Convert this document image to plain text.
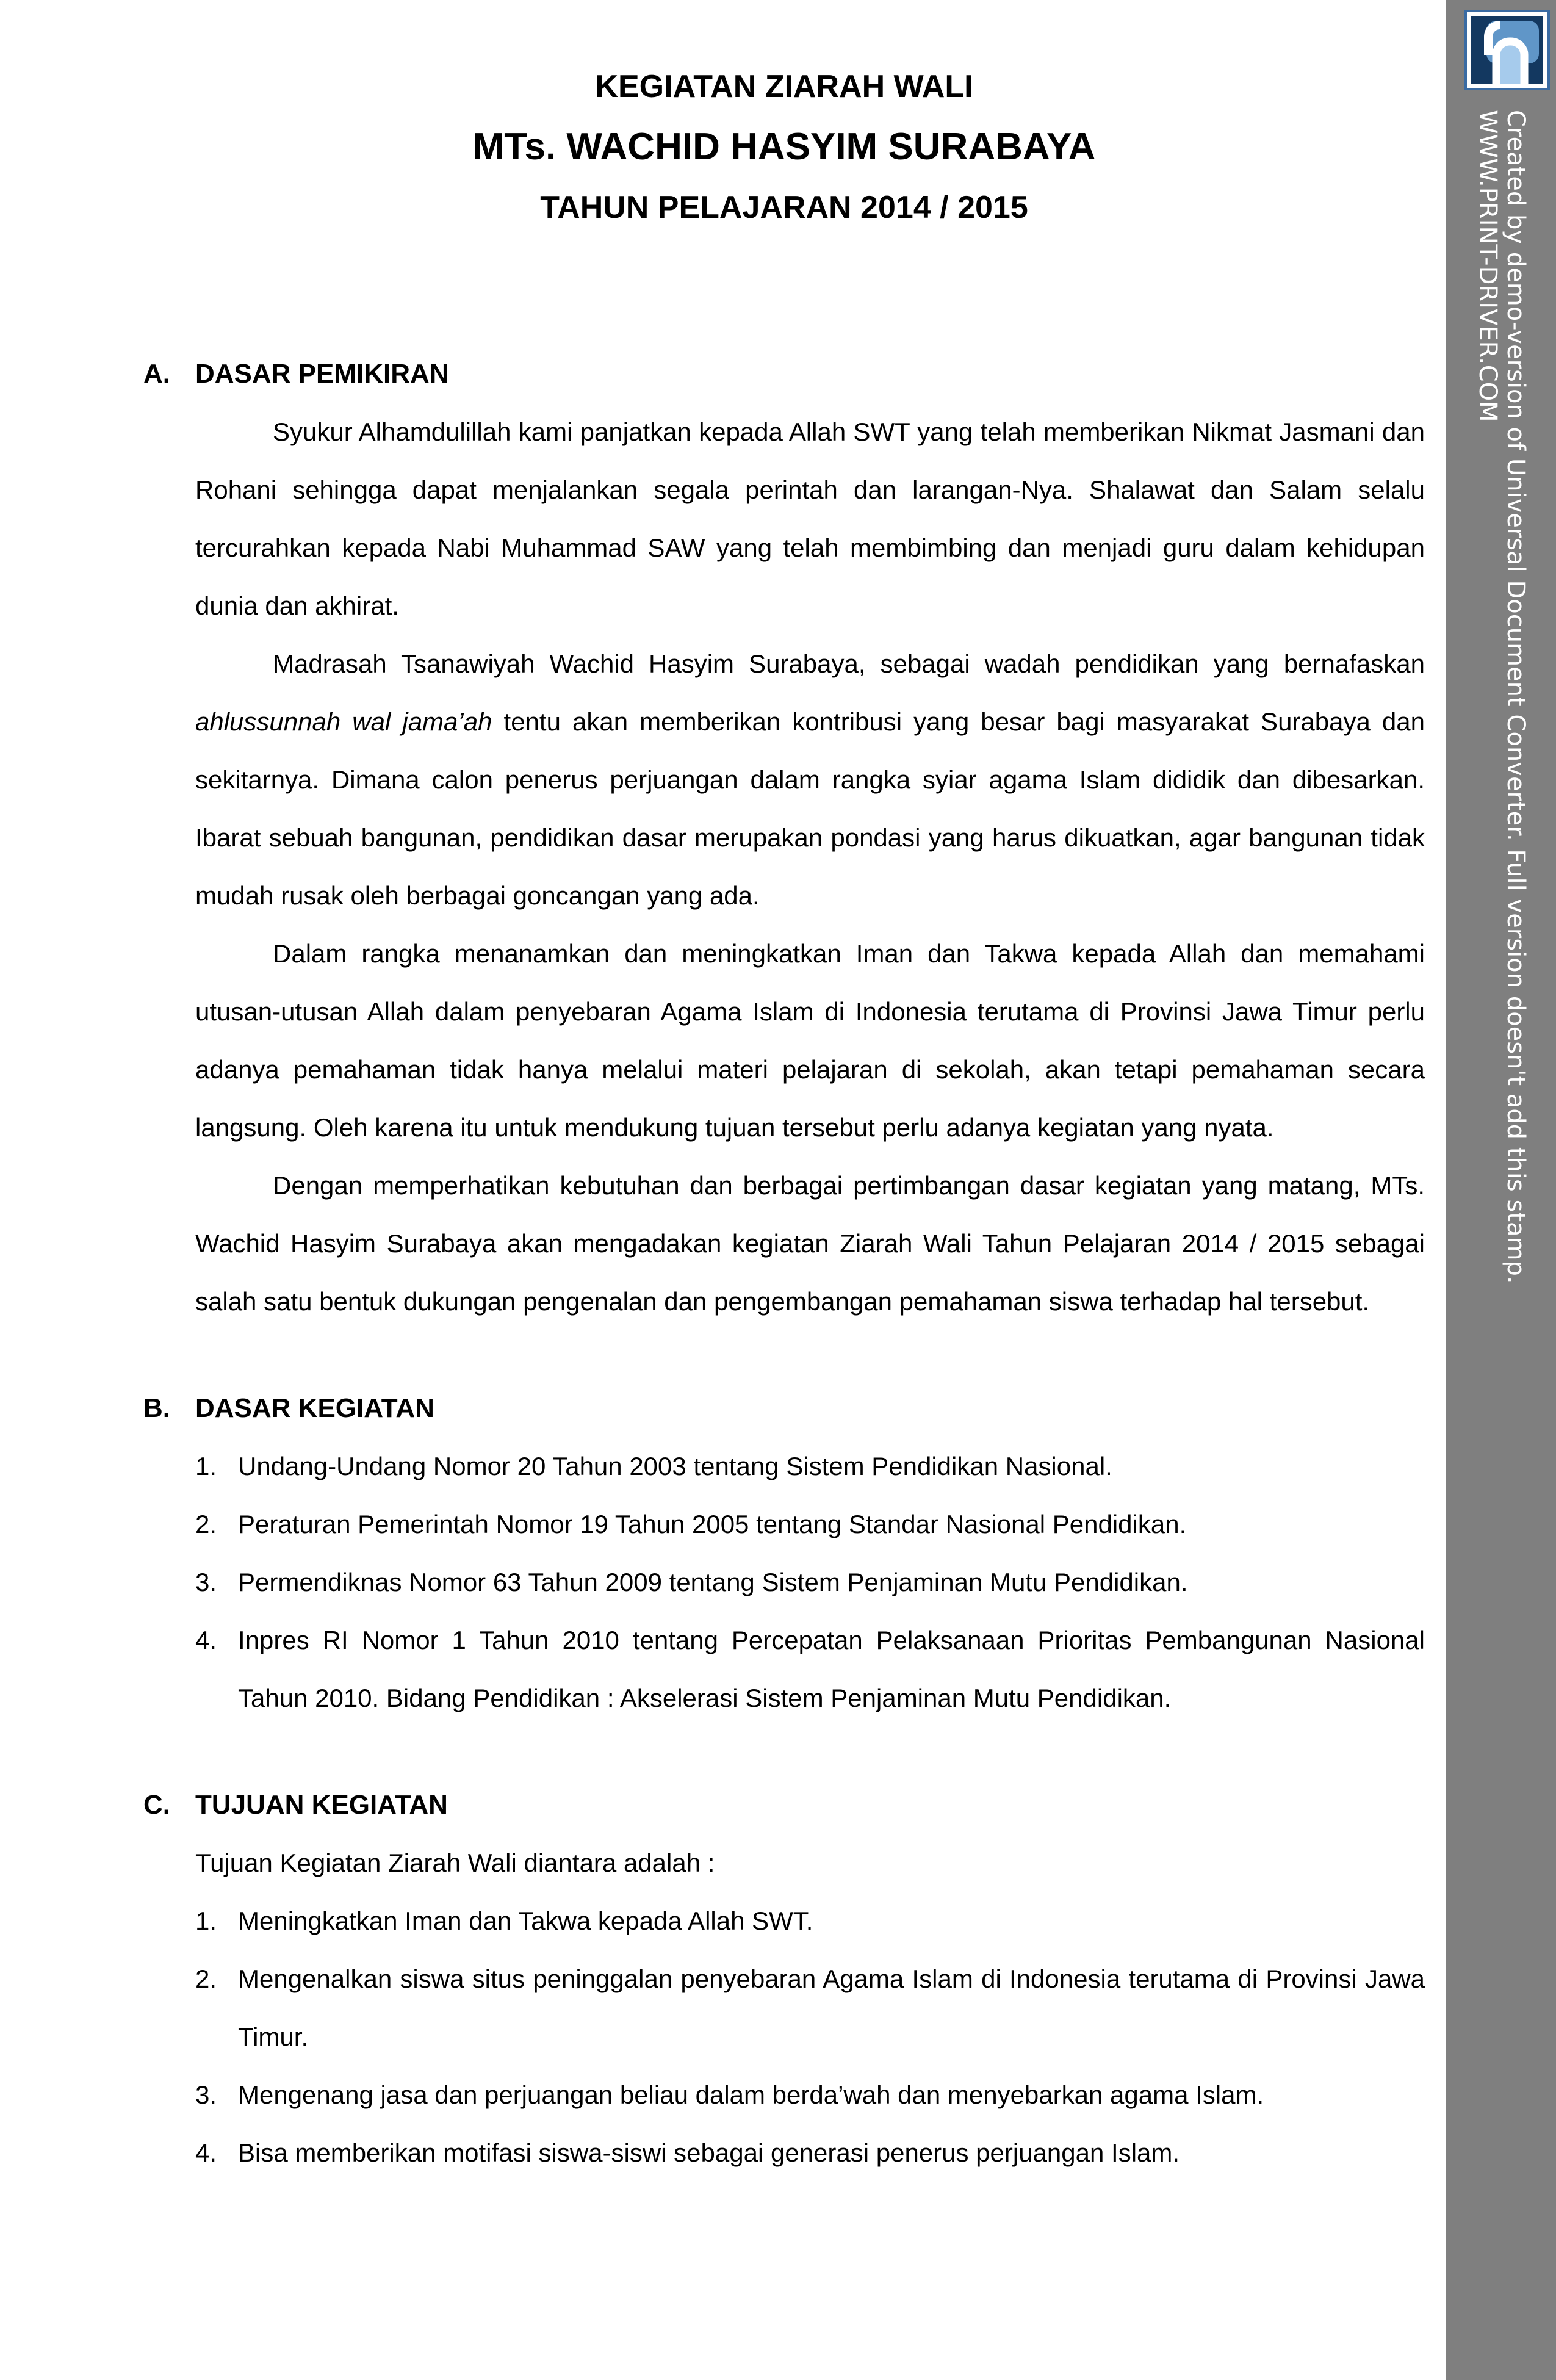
KEGIATAN ZIARAH WALI
MTs. WACHID HASYIM SURABAYA
TAHUN PELAJARAN 2014 / 2015
A. DASAR PEMIKIRAN

Syukur Alhamdulillah kami panjatkan kepada Allah SWT yang telah memberikan Nikmat Jasmani dan Rohani sehingga dapat menjalankan segala perintah dan larangan-Nya. Shalawat dan Salam selalu tercurahkan kepada Nabi Muhammad SAW yang telah membimbing dan menjadi guru dalam kehidupan dunia dan akhirat.

Madrasah Tsanawiyah Wachid Hasyim Surabaya, sebagai wadah pendidikan yang bernafaskan ahlussunnah wal jama’ah tentu akan memberikan kontribusi yang besar bagi masyarakat Surabaya dan sekitarnya. Dimana calon penerus perjuangan dalam rangka syiar agama Islam dididik dan dibesarkan. Ibarat sebuah bangunan, pendidikan dasar merupakan pondasi yang harus dikuatkan, agar bangunan tidak mudah rusak oleh berbagai goncangan yang ada.

Dalam rangka menanamkan dan meningkatkan Iman dan Takwa kepada Allah dan memahami utusan-utusan Allah dalam penyebaran Agama Islam di Indonesia terutama di Provinsi Jawa Timur perlu adanya pemahaman tidak hanya melalui materi pelajaran di sekolah, akan tetapi pemahaman secara langsung. Oleh karena itu untuk mendukung tujuan tersebut perlu adanya kegiatan yang nyata.

Dengan memperhatikan kebutuhan dan berbagai pertimbangan dasar kegiatan yang matang, MTs. Wachid Hasyim Surabaya akan mengadakan kegiatan Ziarah Wali Tahun Pelajaran 2014 / 2015 sebagai salah satu bentuk dukungan pengenalan dan pengembangan pemahaman siswa terhadap hal tersebut.

B. DASAR KEGIATAN
1. Undang-Undang Nomor 20 Tahun 2003 tentang Sistem Pendidikan Nasional.
2. Peraturan Pemerintah Nomor 19 Tahun 2005 tentang Standar Nasional Pendidikan.
3. Permendiknas Nomor 63 Tahun 2009 tentang Sistem Penjaminan Mutu Pendidikan.
4. Inpres RI Nomor 1 Tahun 2010 tentang Percepatan Pelaksanaan Prioritas Pembangunan Nasional Tahun 2010. Bidang Pendidikan : Akselerasi Sistem Penjaminan Mutu Pendidikan.
C. TUJUAN KEGIATAN

Tujuan Kegiatan Ziarah Wali diantara adalah :

1. Meningkatkan Iman dan Takwa kepada Allah SWT.
2. Mengenalkan siswa situs peninggalan penyebaran Agama Islam di Indonesia terutama di Provinsi Jawa Timur.
3. Mengenang jasa dan perjuangan beliau dalam berda’wah dan menyebarkan agama Islam.
4. Bisa memberikan motifasi siswa-siswi sebagai generasi penerus perjuangan Islam.
Created by demo-version of Universal Document Converter. Full version doesn't add this stamp.
WWW.PRINT-DRIVER.COM
